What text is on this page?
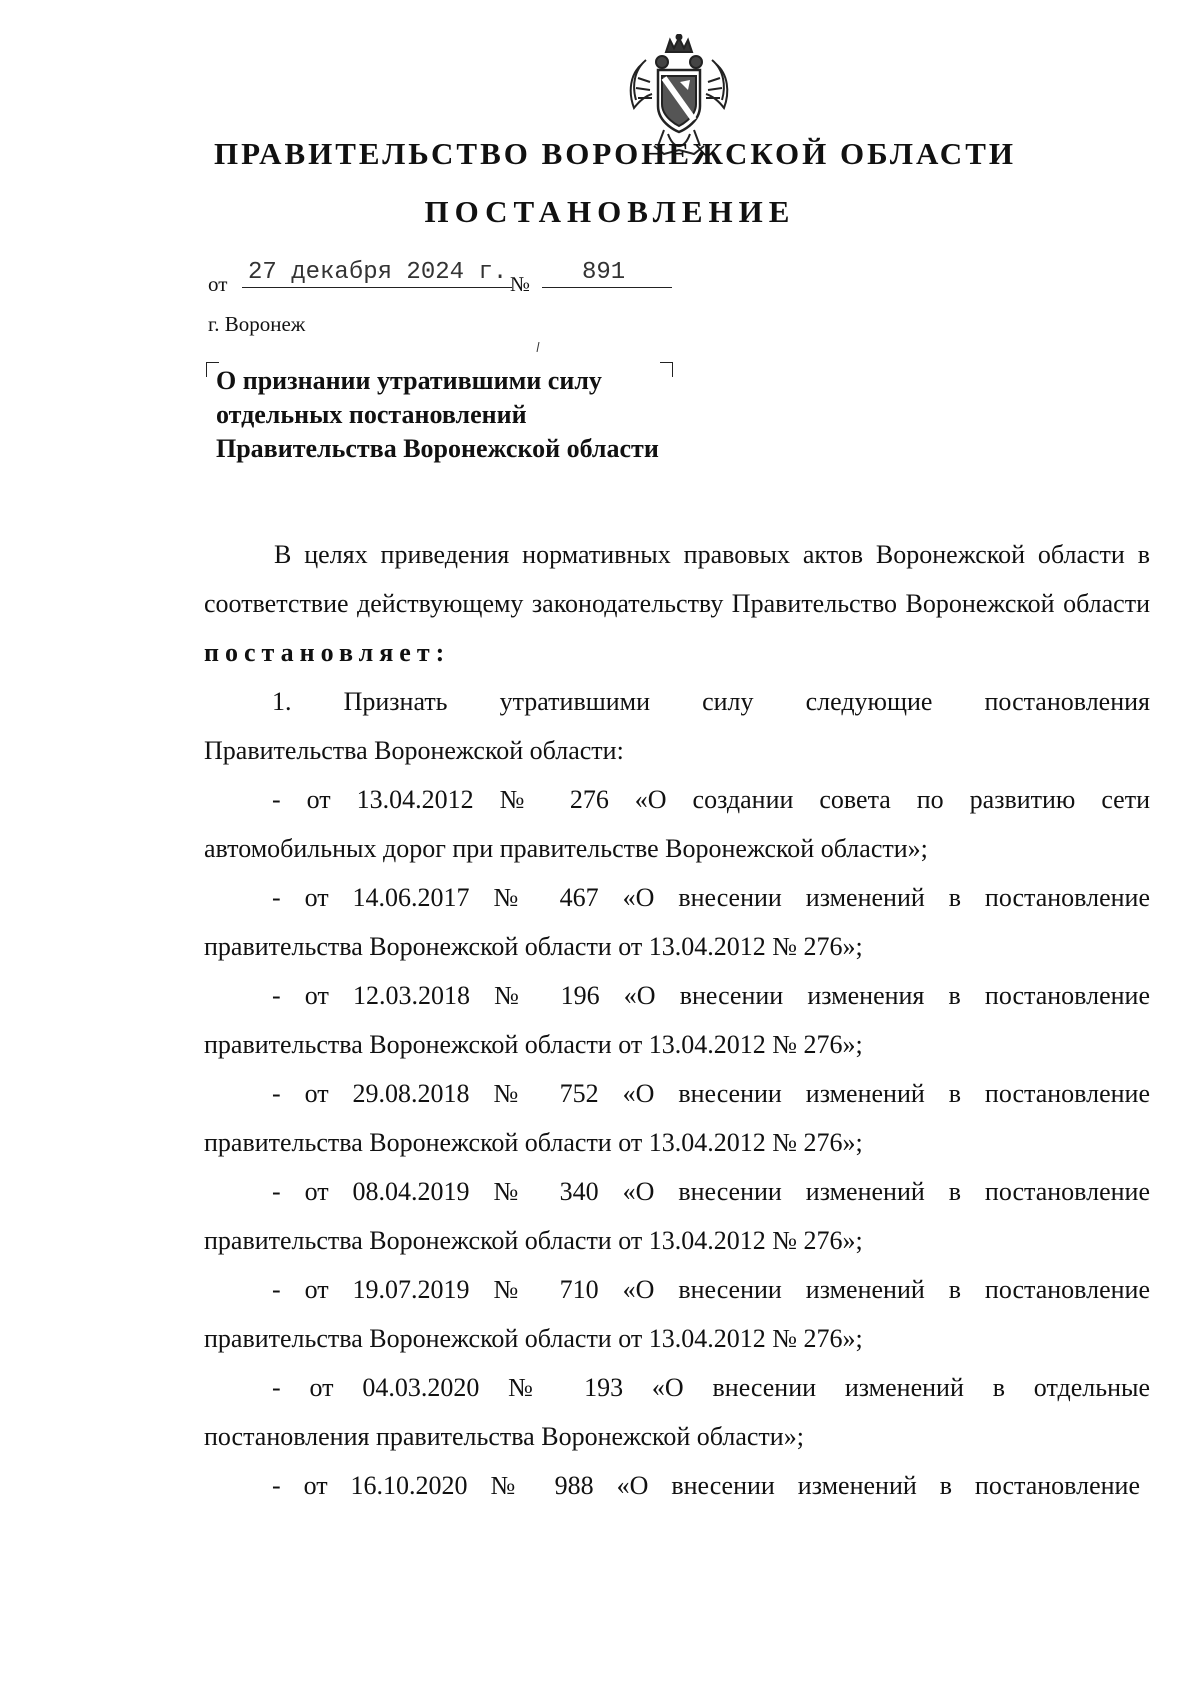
ПРАВИТЕЛЬСТВО ВОРОНЕЖСКОЙ ОБЛАСТИ
ПОСТАНОВЛЕНИЕ
от 27 декабря 2024 г. №	891
г. Воронеж
О признании утратившими силу
отдельных постановлений
Правительства Воронежской области
В целях приведения нормативных правовых актов Воронежской области в соответствие действующему законодательству Правительство Воронежской области постановляет:
1. Признать утратившими силу следующие постановления
Правительства Воронежской области:
- от 13.04.2012 № 276 «О создании совета по развитию сети
автомобильных дорог при правительстве Воронежской области»;
- от 14.06.2017 № 467 «О внесении изменений в постановление
правительства Воронежской области от 13.04.2012 № 276»;
- от 12.03.2018 № 196 «О внесении изменения в постановление
правительства Воронежской области от 13.04.2012 № 276»;
- от 29.08.2018 № 752 «О внесении изменений в постановление
правительства Воронежской области от 13.04.2012 № 276»;
- от 08.04.2019 № 340 «О внесении изменений в постановление
правительства Воронежской области от 13.04.2012 № 276»;
- от 19.07.2019 № 710 «О внесении изменений в постановление
правительства Воронежской области от 13.04.2012 № 276»;
- от 04.03.2020 № 193 «О внесении изменений в отдельные
постановления правительства Воронежской области»;
- от 16.10.2020 № 988 «О внесении изменений в постановление
